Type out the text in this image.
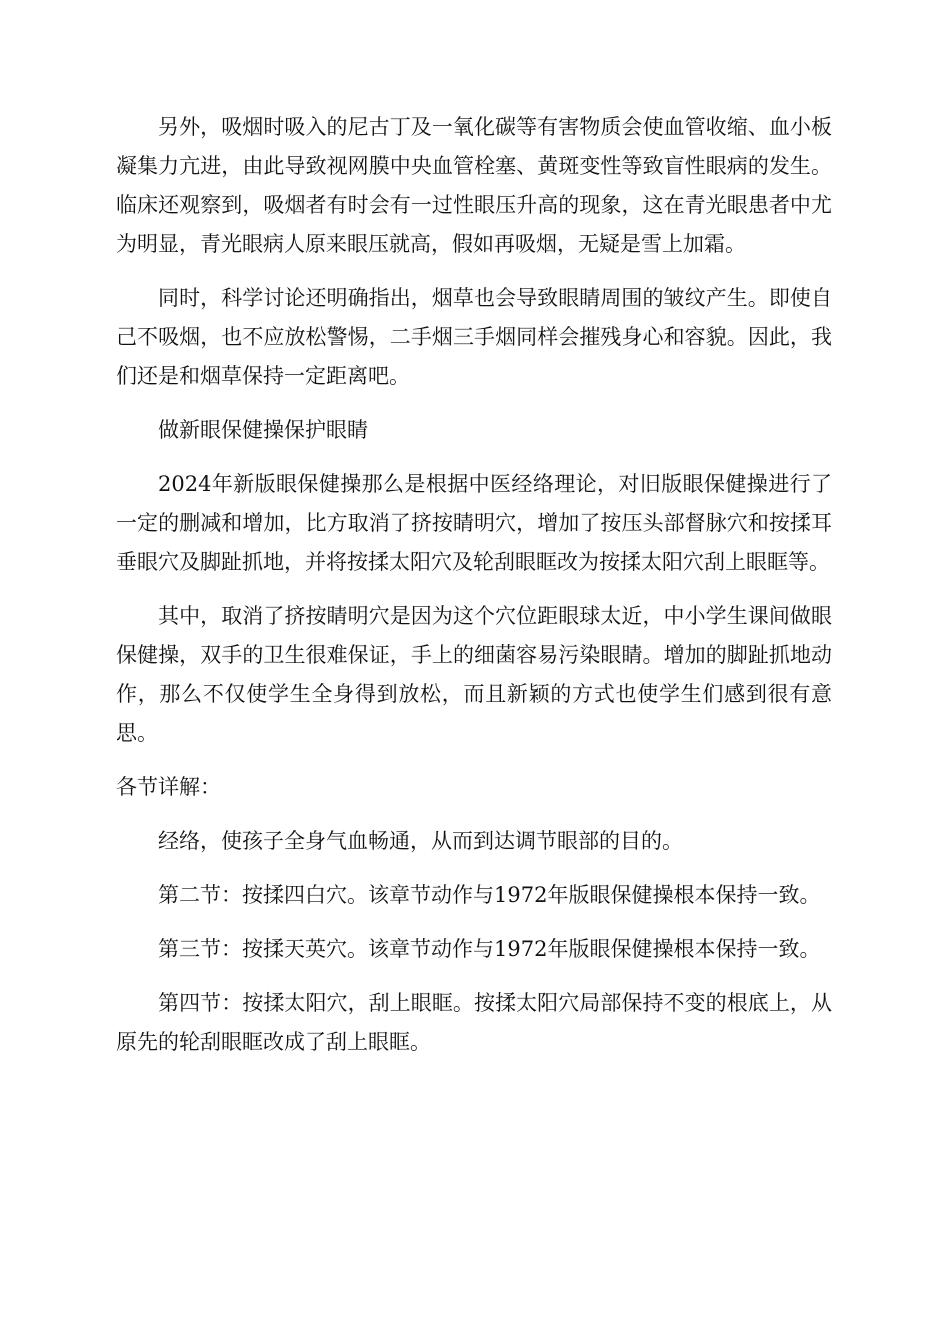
另外，吸烟时吸入的尼古丁及一氧化碳等有害物质会使血管收缩、血小板凝集力亢进，由此导致视网膜中央血管栓塞、黄斑变性等致盲性眼病的发生。临床还观察到，吸烟者有时会有一过性眼压升高的现象，这在青光眼患者中尤为明显，青光眼病人原来眼压就高，假如再吸烟，无疑是雪上加霜。

同时，科学讨论还明确指出，烟草也会导致眼睛周围的皱纹产生。即使自己不吸烟，也不应放松警惕，二手烟三手烟同样会摧残身心和容貌。因此，我们还是和烟草保持一定距离吧。

做新眼保健操保护眼睛

2024年新版眼保健操那么是根据中医经络理论，对旧版眼保健操进行了一定的删减和增加，比方取消了挤按睛明穴，增加了按压头部督脉穴和按揉耳垂眼穴及脚趾抓地，并将按揉太阳穴及轮刮眼眶改为按揉太阳穴刮上眼眶等。

其中，取消了挤按睛明穴是因为这个穴位距眼球太近，中小学生课间做眼保健操，双手的卫生很难保证，手上的细菌容易污染眼睛。增加的脚趾抓地动作，那么不仅使学生全身得到放松，而且新颖的方式也使学生们感到很有意思。

各节详解：

经络，使孩子全身气血畅通，从而到达调节眼部的目的。

第二节：按揉四白穴。该章节动作与1972年版眼保健操根本保持一致。

第三节：按揉天英穴。该章节动作与1972年版眼保健操根本保持一致。

第四节：按揉太阳穴，刮上眼眶。按揉太阳穴局部保持不变的根底上，从原先的轮刮眼眶改成了刮上眼眶。
